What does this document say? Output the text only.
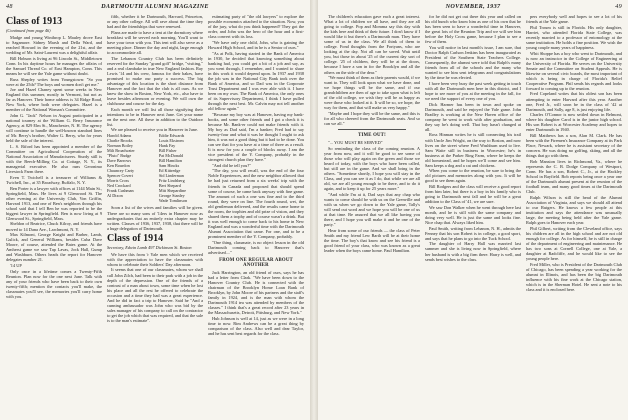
48	DARTMOUTH ALUMNI MAGAZINE
Class of 1913
(Continued from page 46)

Madge and young Winthrop L. Mauley drove East to Sagamore. Sidney Marsh and Della Ward, and reached Howard in the evening of the 21st, and the wedding of Mr. Saint-Laurent was a delightful affair.

Bill Hobson is living at 96 Lincoln St., Middletown Conn. In his daytime hours he manages the affairs of the Samuel Thread Co. of East Hampton, Conn. This means he will see the Yale game without doubt.

Russ Shepley writes from Youngstown: "So you were at the 25th? The boys and women don't get me."

Joe and Hazel Chaney spent some weeks in New England this summer, mostly in Vermont, but not as far as Hanover. Their home address is 34 Ridge Road, New York, where both were delegates. Hazel is a member of the National Woman's Committee.

John G. "Jack" Nelson in August participated in a national tourney at the William G. Berry Insurance Agency, at 829 Elm St., Manchester, N. H. The agency will continue to handle the well-known standard lines of Mr. Berry's brother, Walter G. Berry, who for years held the sale of the interest.

L. S. Riford has been appointed a member of the Committee on Agricultural Cooperation of the National Association of Manufacturers. Sturdy still is with the Beech-Milling Co. at Cottage, N. Y., its managerial executive. He also runs Geronimo Livestock Farm there.

Even T. Twichell is a treasurer of Williams & Twichell, Inc., at 35 Broadway, Buffalo, N. Y.

Ben Porter is a lawyer with offices at 1144 Main St., Springfield, Mass. He lives at 9 Glenwood St. The other evening at the University Club, Von Griffin, Harvard 1913, and one of Ben's neighbors through his school said that I tell Ben he was reported to be the biggest lawyer in Springfield. Ben is now living at 9 Glenwood St., Springfield, Mass.

Sheldon of Beatrice, Chuck Kilroy, and friends have moved to 14 Dana Ave., Larchmont, N. Y.

Max Kilmont, George Knight and Barber, Lamb, Gulick, and General Williams, besides Cuba Dave Moore, of course, attended the Bates game. At the Amherst game we saw Tap Lavas, Jock Hall, Gump and Washburn. Others heads the report for Hanover delegates number 21.

'14 UP

Only once in a lifetime comes a Twenty-Fifth Reunion. Plan now for the one next June. Talk with any of your friends who have been back to their own twenty-fifth; mention the contacts you'll make, the classmates you'll see, the memories you'll carry home with you.

fifth, whether it be Dartmouth, Harvard, Princeton, or any other college. All will rave about the time they had and the friendships that were renewed.

Plans are made to have a tent at the dormitory where breakfast will be served each morning. You'll want to have your town with you. This tent will also serve as a meeting place. Dinner the day and night, large enough to accommodate all.

The Lebanon Country Club has been definitely reserved for the Sunday "grand golf" bridge, "visiting," and a real clambake in true New England fashion. Ray Lewis '14 and his crew, famous for their bakes, have promised to make our party a success. The big advantage of this location is the short distance from Hanover and the fact that the club is all ours. As we knew the show in Boston, New York, etc., also have to leave besides afternoon or evening. We will own the clubhouse and course for the day.

Each month we will list all those signifying their intentions to be in Hanover next June. Get your name on the next one. All these in addition to the Outdoor list.

We are pleased to receive you in Hanover in June.

Harold Adams
Charlie Brooks
Norman Boiley
Milt Broadwater
"Pluto" Budge
Dave Barrows
Ken Bourdon
Chauncey Carty
Spencer Covert
Morris Cross
Ned Crockard
Frank Cushman
Al Dixon
Eddie Edwards
Louis Ekstrom
Hank Fay
Bill Fisher
Pat McDonald
Bill Hamilton
Sam Hincks
Ed Kittredge
Sid Linderman
Fritz Lindsberg
Bert Shepard
Mitt Shepardine
George Stanley
Wade Tomlinson

Soon a list of the wives and families will be given. There are so many sons of '14ers in Hanover now as undergraduates that an entirely extra chapter may be written. Classes of 1936, 1937, 1938, that there will be a huge delegation of Dartmouth.

Class of 1914
Secretary, Edwin Lamb 497 Dickinson St. Boston

We have this from 'r Yale men which we received with the appreciation to have the classmates with whom to celebrate their Soldiers' Day afternoon.

It seems that one of our classmates, whom we shall call John Zilch, had been to their park with a job in the depth of the depression. One of the friends of a contrast of a man about town, some time when he lost his place and all the rest he offered to celebrate the occasion and a time they had was a great experience. And he did in fact a trip to Hanover. Said he "And a cunning ambassador was John who was bid by the sales manager of his company to call on the contractor to get the job which that was required, and that the sale is to the man's estimate".

estimating party of "the old lawyers" to explore the possible economics attached to the situation. Now, you of the jury, what do you think happened? They got the order, and John was the hero of the hour and a first-class convert with its loss.

"We have only one child, John, who is gaining the Howard High School, and in he is a Senior of ours."

"As at Polk, having started in the Bank of America in 1930, he decided that knowing something about banking had, you could get a bit of a job and say, as you went through, I remember, and I wanted to share in this work it would depend upon. In 1937 and 1938 the job was in the National City Bank took over the Bank of America, and so Dad was in the Corporate Trust Department and I was ever able with it. I have been on my own. The Bank of America, the only ones of its Supervisory Department, I think I have pulled through the next best. Mr. Calvin may not tell another old fellow again."

"Because my boy was at Hanover, having my bank-books, and some other friends and I got a check it is because Mr. Bank-er could not make friends with it. My boy as Dad said, I'm a banker; Fred had to say twenty-four and what it was he thought I ought to ask him, it was not a good thing but it had to be done. You can see that for you have at a time of three as a result. It is now for you a couple of blocks away. I am the vice president of the Y. Company, probably in the strongest church plan they have."

"And did he tell you?"

"The day, you will recall, was the end of the four Noble Experiences, and the new neighbor allowed that he had just returned from a six weeks' trip with the friends in Canada and proposed that should spend some of course, he came back anyway with fine game. The amount of such a one was fine and to the third round, they were on line. The fourth round, wet, the old gentleman delivered, and the results came home to the room, the trophies and old prize of vision, and they shared them a trophy and of course wasn't a drink. But it was well enough to come back to his home in New England and was a wonderful time with the Dartmouth Alumni Association that came. For one, and to be a prominent member of the Y. Company, probably.

"One thing, classmate, is no object lesson in the old Dartmouth coming back to Hanover that's advertised...."

FROM ONE REGULAR ABOUT ANOTHER

Jack Harrington, an old friend of ours, says he has had a letter from Clark. "We have been down to the Hanover Country Club. He is connected with the chairman of the Brooklyn Home Loan Bank of Brooklyn, by John Moore of his partners and the staff's family in 1924, and is the man with whom the Dartmouth 1914 tea was attended by members of the classes." I think that's a great record after 23 years in the Massachusetts, Detroit, Pittsburg, and New York."

Hub Johnson is well at 14, just as we were in a long time to now. Rim Andrews can be a great thing by comparison of the class. Also well and dear Taylor, and he has sent best regards for the class.

NOVEMBER, 1937	49

The children's education gave each a great interest. What a lot of children we all have, and they are all going to college. Pop and Momma say this day with the kids here and think of their future. I don't know if I would like it but there's a Dartmouth man. They have some of us in the class. We all think of them to college. Fond thoughts from the Fortyans, who are looking at the day. Not all can be saved. Wait until you, but those in about '25 of the current day sort of college. '25 of children, they will be at the doors, because I have a son in for the Brooklyn and all the others on the side of the dear."

"We must think of them as their parents would, if we want to. They will look upon what we have done, and we hope things will be the same, and if our grandchildren are then of age to take upon what is left of the old college, we wish they will be as happy as were those who looked at it. It will be so, we hope, the way for them, and that will make us very happy."

"Maybe and I hope they will be the same, and this is for all who cheered from the Dartmouth seats. And so can we all."

TIME OUT!

"... YOU MUST BE SERVED"

So reminding the class of the coming reunion. A year from now, and it will be good to see some of those who will play again on the green and those we heard of today, with the boys who have been called, but still are in the game. And we shall bring in the others. "Sometime shortly, I hope you will stay in the Class, and you can see it as I do, that while we are all old, we are all young enough to be there, and to do it again, and to keep it up for 25 years more."

"And while I'm at it, Dad says that any chap who wants to come should be with us on the Grenville and with us when we go down to the Yale game, Tally's will send out word and we hope you will be one of us at that time. Be assured that we all like having you there, and I hope you will make it and be one of the party."

Hear from some of our friends — the class of Peter Smith and my friend Lew Barth will be at their home the time. The boy's that know and see his friend is a good friend of your class, who was known as a great leader when the boys came home. Paul Hamilton.

for he did not get out there this year and called on his old bunch who know him as one of his own that he has been seen to have a wonderful time in Hanover, the great lots of the Reunion Trip and we will see him before the Holy Cross game, because I plan to see a few of them.

You will notice in last month's issue, I am sure, that Doctor Ralph Carlson Jenkins has been inaugurated as President of the Southern State Teachers College. Consequently, the alumni were told that Ralph's many friends from all of the schools and the many who wanted to see him sent telegrams and congratulations by the time he was elected.

I have been very busy the past week getting in touch with all the Dartmouth men here in this district, and I hope to see more of you at the meeting in the fall, for we need the support of every one of you.

Dick Harmer has been in town and spoke on Dartmouth, and said he enjoyed the Yale game. John Bradley is working at the New Haven office of the company he went to work with after graduation, and they say he's doing well. That boy hasn't changed at all.

Ross Hinman writes he is still connecting his trail with Uncle Jim Wright, on the way to Boston, and now lives on the street where Fred Washburn used to live. Sam Waite still in business in Worcester; he's in business at the Parker Ring Farm, where he keeps the old homestead, and he hopes we'll come and see him. Sam keeps a dog and a cat and chickens.

When you come to the reunion, be sure to bring the old pictures and memories along with you. It will be good to see them again.

Bill Rodgers and the class will receive a good report from him later, but there is a boy in his family who is going to Dartmouth next fall and he will be a great addition to the Class of '41, we are sure.

We saw Don Walker when he went through here last month, and he is still with the same company and doing very well. He is just the same and looks fine. Nice chap that. Always liked him.

Paul Smith, writing from Lebanon, N. H., admits the Fenney that his son Robert is in college, a good sport, and says that he plans to go into the Tuck School.

The daughter of Harry Hall was married last summer and she is living now in Springfield, where her husband is with a big firm there. Harry is well, and sends best wishes to the class.

pers everybody well and hopes to see a lot of his friends at the Yale game.

Phil Troum is still in Florida. His only daughter, Harriet, who attended Florida State College, was recently married to a professor of entomology at the same institution. He holds a fine position. We wish the young couple many years of happiness.

Whit Shoppe has a boy who went to Dartmouth, and is now an instructor in the College of Engineering at the University of Florida. He serves on the University Senate and the Committee on Student Appeals. He is likewise on several civic boards, the most important of which is being in charge of Florida's Relief Cooperative Program. Phil sends his regards and looks forward to coming up to the reunion.

Fred Copeland writes that his oldest son has been attempting to enter Harvard after this year. Another one, Fred Jr., will soon be in the class of '42 at Dartmouth, and Sally, age 8, is just enjoying life.

Charles O'Connor is now settled down in Belmont, where his daughter Carol is in the junior high school. His son Robert is at Worcester Academy and hopes to enter Dartmouth in 1940.

Bill Matthews has a son, Alan M. Clark. He has been with the Firemen's Insurance Company at its Park Place, Newark, where he is assistant secretary of the concern. He was doing no golfing, skiing, and all the things that go with them.

Bob Mansion lives in Richmond, Va., where he represents the C. B. Dodge Company of Westport, Conn. He has a son, Robert C., Jr., at the Hackley School in Bayfield. Bob reports being once a year one of the Dartmouth alumni present at the reunion of the football team, and many good times at the Dartmouth Club.

Ralph Wilson is still the head of the Alumni Association of Virginia, and says we should all attend to our Rutgers. He knows a few people at this institution and says the attendance was unusually large, the meeting being held after the Yale game. Ralph goes to Hanover each year.

Phil Gilbert, writing from the Cleveland office, says his children are all in the high school and are not old enough for college. As for himself, he is still in charge of the department of engineering and maintenance. He has two sons at Cornell College, one at Yale, a daughter at Radcliffe, and he would like to see the young people here.

Fred Miller, who is President of the Dartmouth Club of Chicago, has been spending a year working for the alumni in Illinois, and has been the big Dartmouth influence with his fine work at the Chicago station, which is in the Sherman Hotel. He sent a note to his class and it is enclosed here.
